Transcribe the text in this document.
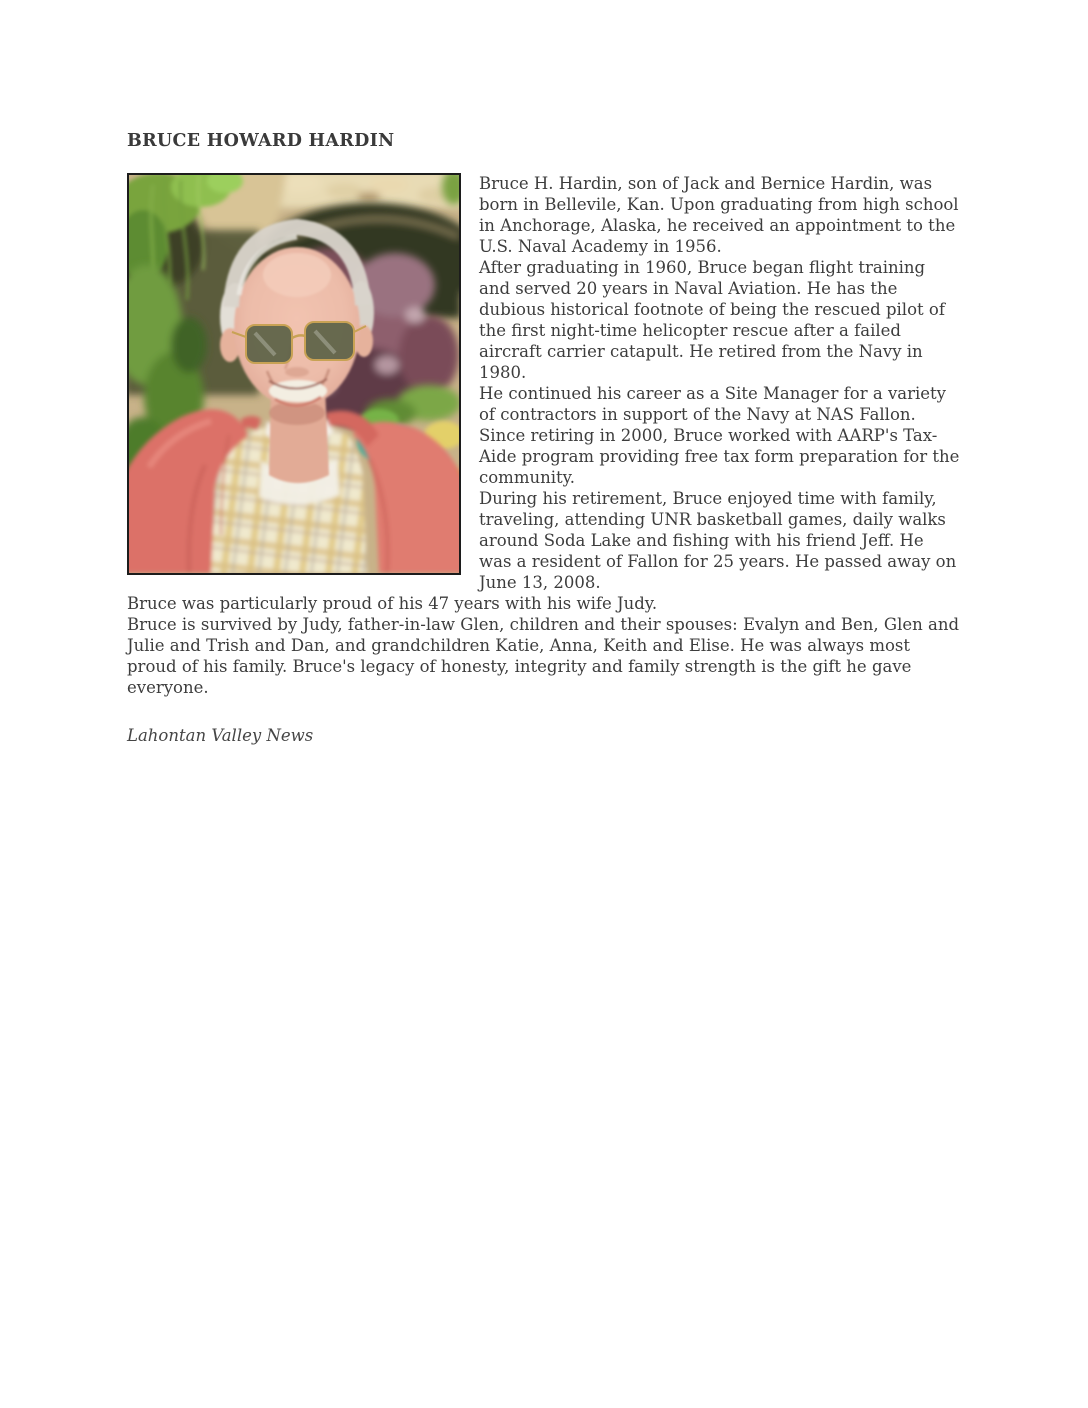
BRUCE HOWARD HARDIN

Bruce H. Hardin, son of Jack and Bernice Hardin, was born in Bellevile, Kan. Upon graduating from high school in Anchorage, Alaska, he received an appointment to the U.S. Naval Academy in 1956.

After graduating in 1960, Bruce began flight training and served 20 years in Naval Aviation. He has the dubious historical footnote of being the rescued pilot of the first night-time helicopter rescue after a failed aircraft carrier catapult. He retired from the Navy in 1980.

He continued his career as a Site Manager for a variety of contractors in support of the Navy at NAS Fallon.

Since retiring in 2000, Bruce worked with AARP's Tax-Aide program providing free tax form preparation for the community.

During his retirement, Bruce enjoyed time with family, traveling, attending UNR basketball games, daily walks around Soda Lake and fishing with his friend Jeff. He was a resident of Fallon for 25 years. He passed away on June 13, 2008.

Bruce was particularly proud of his 47 years with his wife Judy.

Bruce is survived by Judy, father-in-law Glen, children and their spouses: Evalyn and Ben, Glen and Julie and Trish and Dan, and grandchildren Katie, Anna, Keith and Elise. He was always most proud of his family. Bruce's legacy of honesty, integrity and family strength is the gift he gave everyone.

Lahontan Valley News
